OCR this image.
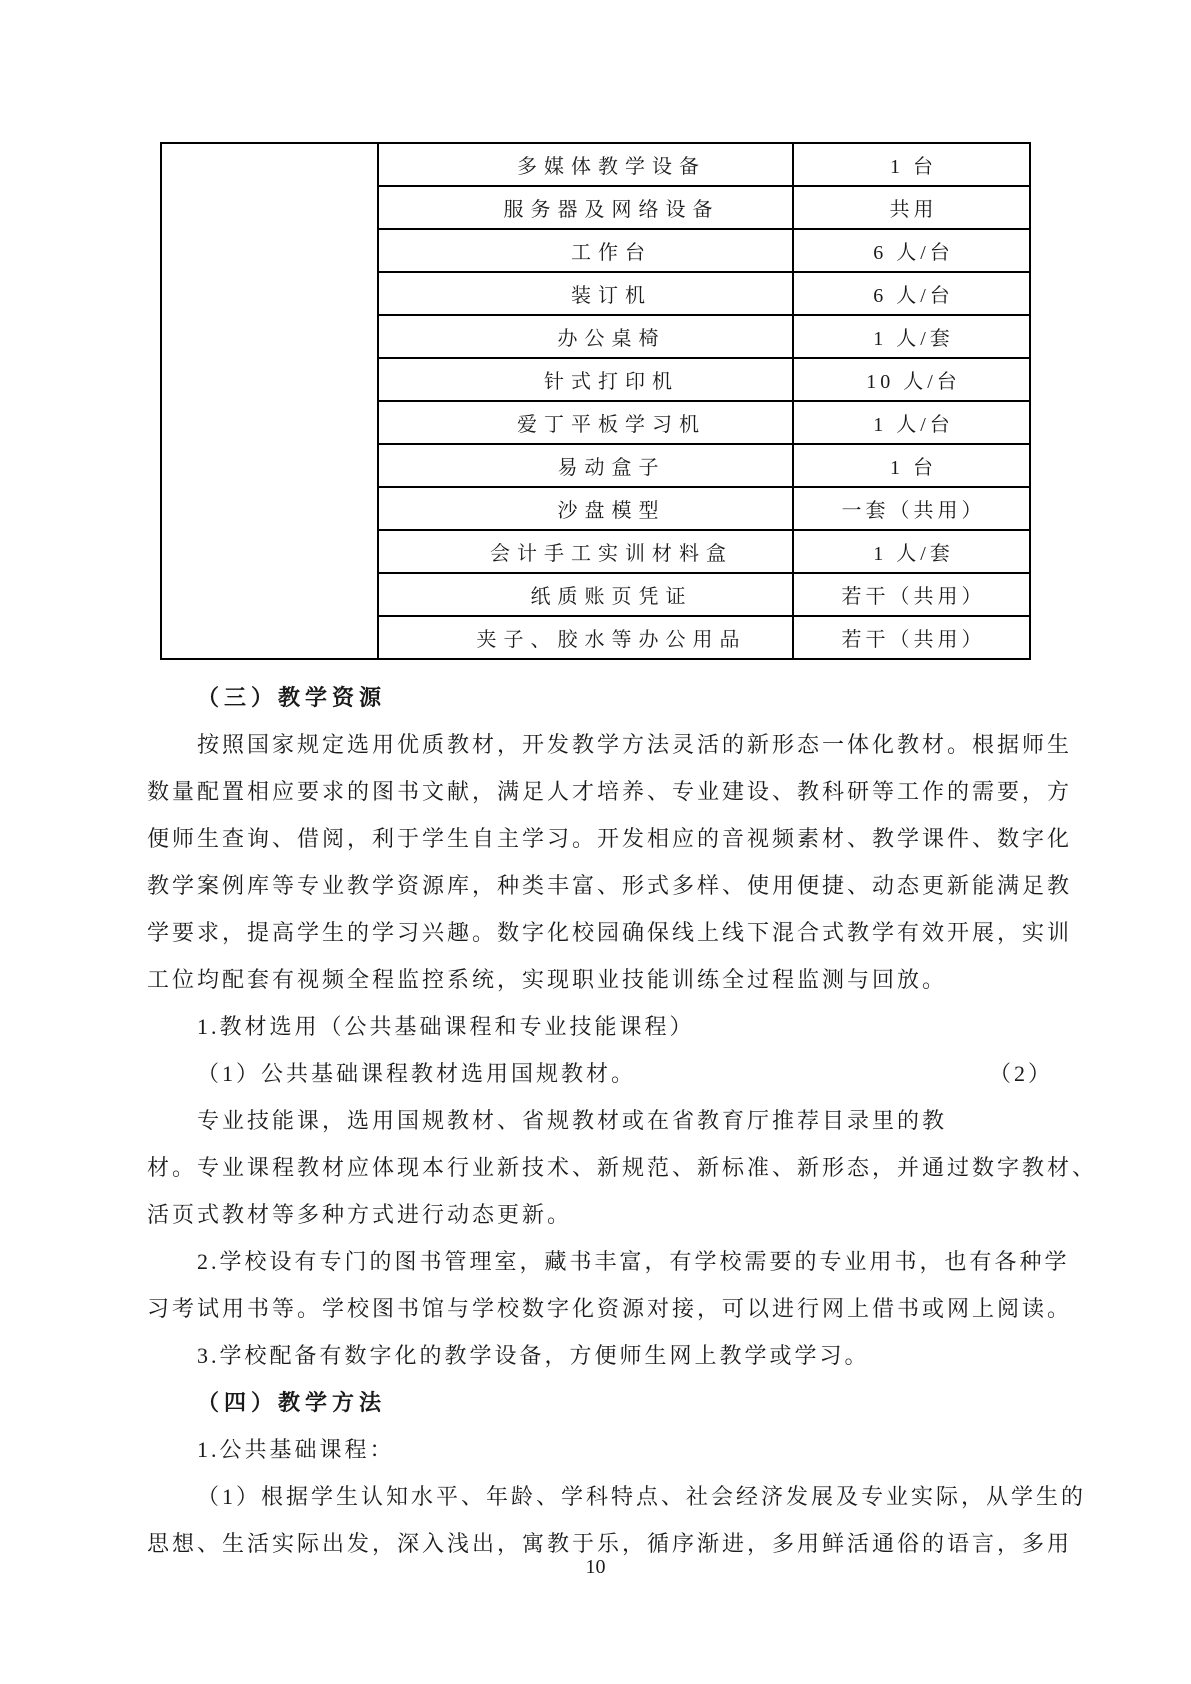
	多媒体教学设备	1 台
	服务器及网络设备	共用
	工作台	6 人/台
	装订机	6 人/台
	办公桌椅	1 人/套
	针式打印机	10 人/台
	爱丁平板学习机	1 人/台
	易动盒子	1 台
	沙盘模型	一套（共用）
	会计手工实训材料盒	1 人/套
	纸质账页凭证	若干（共用）
	夹子、胶水等办公用品	若干（共用）
（三）教学资源
按照国家规定选用优质教材，开发教学方法灵活的新形态一体化教材。根据师生
数量配置相应要求的图书文献，满足人才培养、专业建设、教科研等工作的需要，方
便师生查询、借阅，利于学生自主学习。开发相应的音视频素材、教学课件、数字化
教学案例库等专业教学资源库，种类丰富、形式多样、使用便捷、动态更新能满足教
学要求，提高学生的学习兴趣。数字化校园确保线上线下混合式教学有效开展，实训
工位均配套有视频全程监控系统，实现职业技能训练全过程监测与回放。
1.教材选用（公共基础课程和专业技能课程）
（1）公共基础课程教材选用国规教材。	（2）
专业技能课，选用国规教材、省规教材或在省教育厅推荐目录里的教
材。专业课程教材应体现本行业新技术、新规范、新标准、新形态，并通过数字教材、
活页式教材等多种方式进行动态更新。
2.学校设有专门的图书管理室，藏书丰富，有学校需要的专业用书，也有各种学
习考试用书等。学校图书馆与学校数字化资源对接，可以进行网上借书或网上阅读。
3.学校配备有数字化的教学设备，方便师生网上教学或学习。
（四）教学方法
1.公共基础课程：
（1）根据学生认知水平、年龄、学科特点、社会经济发展及专业实际，从学生的
思想、生活实际出发，深入浅出，寓教于乐，循序渐进，多用鲜活通俗的语言，多用
10
